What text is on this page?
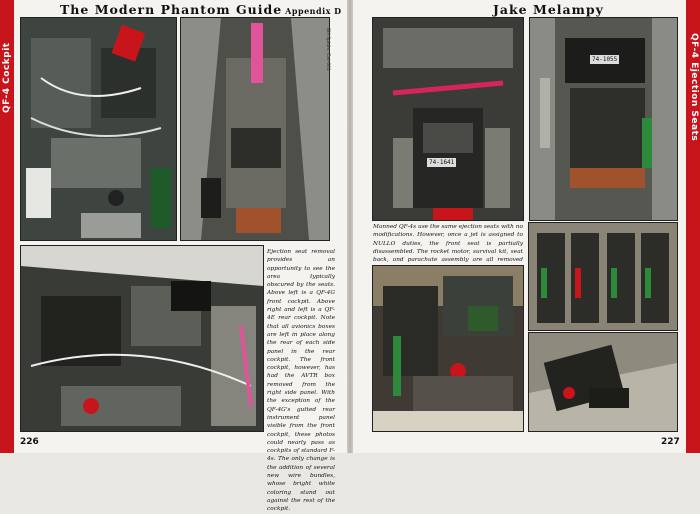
QF-4 Cockpit	QF-4 Ejection Seats
The Modern Phantom Guide Appendix D	Jake Melampy
Bill Spidle, Cat-601
Ejection seat removal provides an opportunity to see the area typically obscured by the seats. Above left is a QF-4G front cockpit. Above right and left is a QF-4E rear cockpit. Note that all avionics boxes are left in place along the rear of each side panel in the rear cockpit. The front cockpit, however, has had the AVTR box removed from the right side panel. With the exception of the QF-4G's gutted rear instrument panel visible from the front cockpit, these photos could nearly pass as cockpits of standard F-4s. The only change is the addition of several new wire bundles, whose bright white coloring stand out against the rest of the cockpit.
74-1641
74-1055
Manned QF-4s use the same ejection seats with no modifications. However, once a jet is assigned to NULLO duties, the front seat is partially disassembled. The rocket motor, survival kit, seat back, and parachute assembly are all removed
226	227
